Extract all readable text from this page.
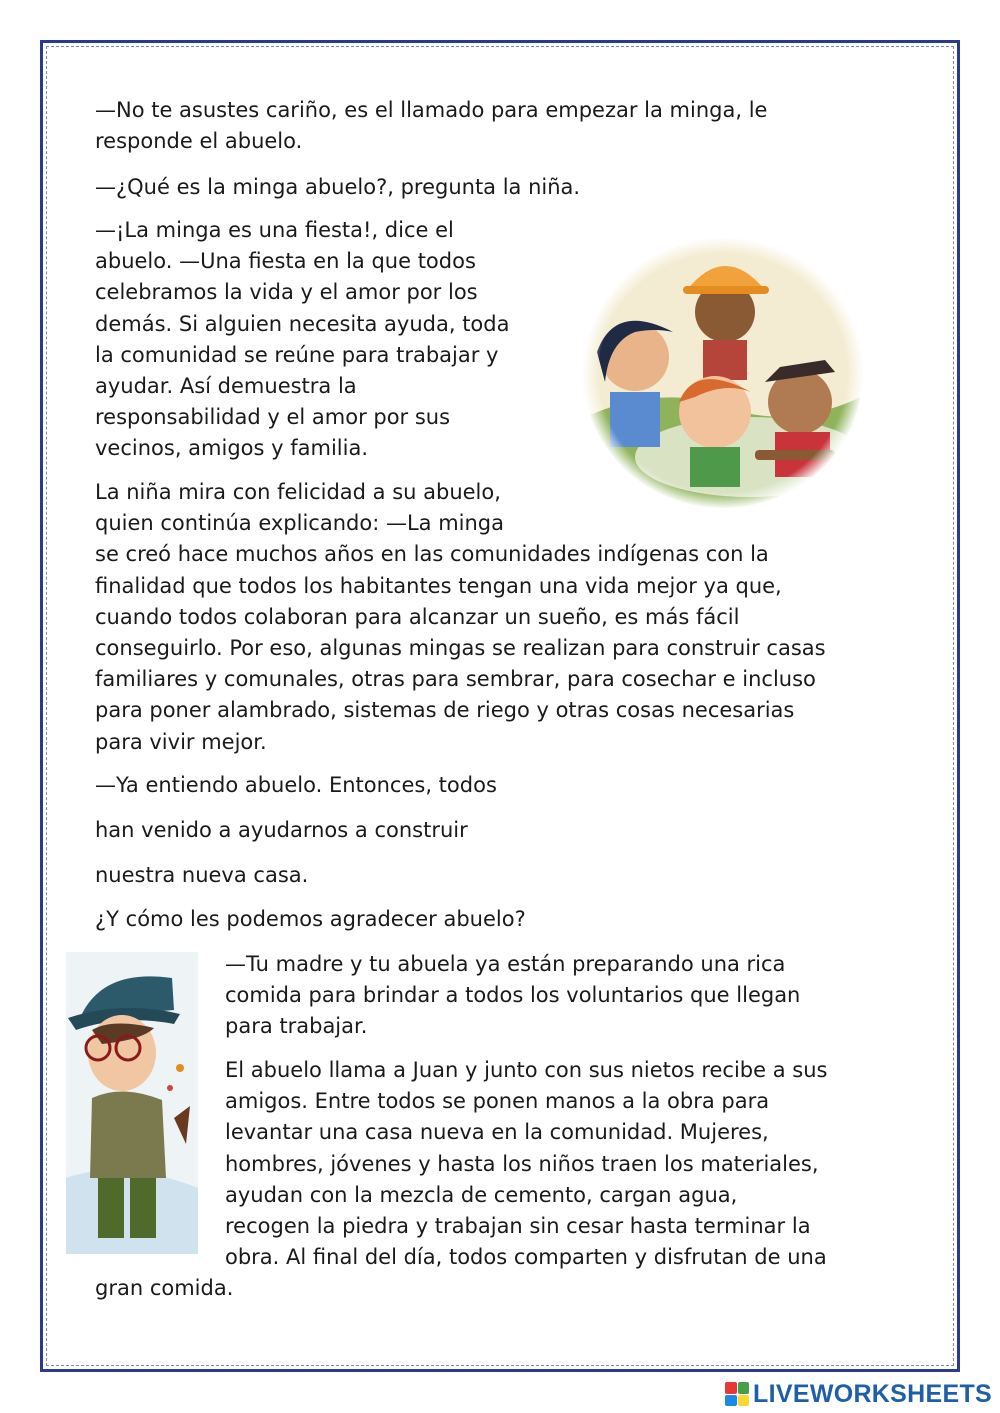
—No te asustes cariño, es el llamado para empezar la minga, le
responde el abuelo.
—¿Qué es la minga abuelo?, pregunta la niña.
—¡La minga es una fiesta!, dice el
abuelo. —Una fiesta en la que todos
celebramos la vida y el amor por los
demás. Si alguien necesita ayuda, toda
la comunidad se reúne para trabajar y
ayudar. Así demuestra la
responsabilidad y el amor por sus
vecinos, amigos y familia.
La niña mira con felicidad a su abuelo,
quien continúa explicando: —La minga
se creó hace muchos años en las comunidades indígenas con la
finalidad que todos los habitantes tengan una vida mejor ya que,
cuando todos colaboran para alcanzar un sueño, es más fácil
conseguirlo. Por eso, algunas mingas se realizan para construir casas
familiares y comunales, otras para sembrar, para cosechar e incluso
para poner alambrado, sistemas de riego y otras cosas necesarias
para vivir mejor.
—Ya entiendo abuelo. Entonces, todos
han venido a ayudarnos a construir
nuestra nueva casa.
¿Y cómo les podemos agradecer abuelo?
—Tu madre y tu abuela ya están preparando una rica
comida para brindar a todos los voluntarios que llegan
para trabajar.
El abuelo llama a Juan y junto con sus nietos recibe a sus
amigos. Entre todos se ponen manos a la obra para
levantar una casa nueva en la comunidad. Mujeres,
hombres, jóvenes y hasta los niños traen los materiales,
ayudan con la mezcla de cemento, cargan agua,
recogen la piedra y trabajan sin cesar hasta terminar la
obra. Al final del día, todos comparten y disfrutan de una
gran comida.
LIVEWORKSHEETS
